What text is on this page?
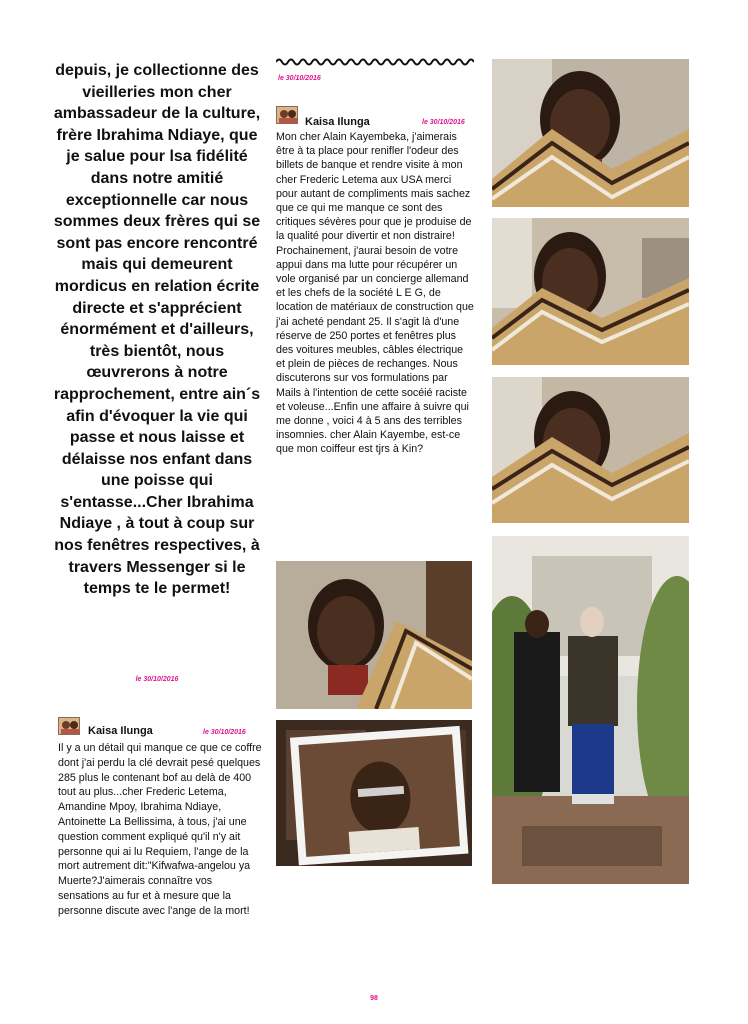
depuis, je collectionne des vieilleries mon cher ambassadeur de la culture, frère Ibrahima Ndiaye, que je salue pour lsa fidélité dans notre amitié exceptionnelle car nous sommes deux frères qui se sont pas encore rencontré mais qui demeurent mordicus en relation écrite directe et s'apprécient énormément et d'ailleurs, très bientôt, nous œuvrerons à notre rapprochement, entre ain´s afin d'évoquer la vie qui passe et nous laisse et délaisse nos enfant dans une poisse qui s'entasse...Cher Ibrahima Ndiaye , à tout à coup sur nos fenêtres respectives, à travers Messenger si le temps te le permet!
le 30/10/2016
Kaisa Ilunga	le 30/10/2016
Il y a un détail qui manque ce que ce coffre dont j'ai perdu la clé devrait pesé quelques 285 plus le contenant bof au delà de 400 tout au plus...cher Frederic Letema, Amandine Mpoy, Ibrahima Ndiaye, Antoinette La Bellissima, à tous, j'ai une question comment expliqué qu'il n'y ait personne qui ai lu Requiem, l'ange de la mort autrement dit:"Kifwafwa-angelou ya Muerte?J'aimerais connaître vos sensations au fur et à mesure que la personne discute avec l'ange de la mort!
le 30/10/2016
Kaisa Ilunga	le 30/10/2016
Mon cher Alain Kayembeka, j'aimerais être à ta place pour renifler l'odeur des billets de banque et rendre visite à mon cher Frederic Letema aux USA merci pour autant de compliments mais sachez que ce qui me manque ce sont des critiques sévères pour que je produise de la qualité pour divertir et non distraire! Prochainement, j'aurai besoin de votre appui dans ma lutte pour récupérer un vole organisé par un concierge allemand et les chefs de la société L E G, de location de matériaux de construction que j'ai acheté pendant 25. Il s'agit là d'une réserve de 250 portes et fenêtres plus des voitures meubles, câbles électrique et plein de pièces de rechanges. Nous discuterons sur vos formulations par Mails à l'intention de cette socéié raciste et voleuse...Enfin une affaire à suivre qui me donne , voici 4 à 5 ans des terribles insomnies. cher Alain Kayembe, est-ce que mon coiffeur est tjrs à Kin?
98
